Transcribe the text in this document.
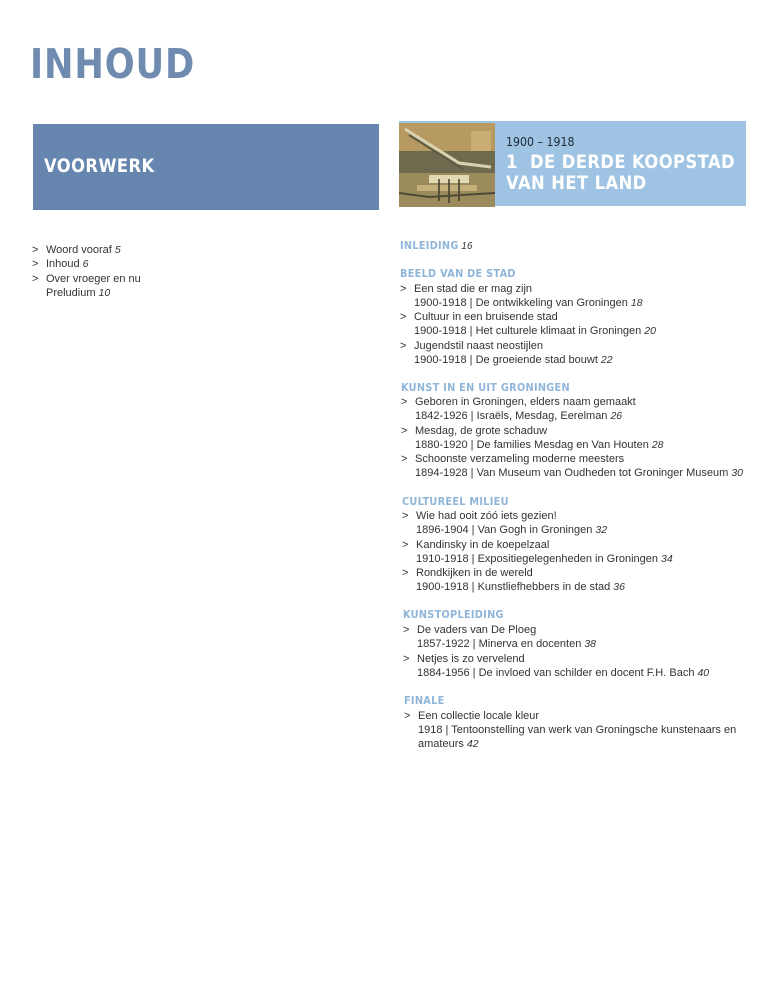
INHOUD
VOORWERK
1900 – 1918
1  DE DERDE KOOPSTAD
VAN HET LAND
> Woord vooraf 5
> Inhoud 6
> Over vroeger en nu
Preludium 10
INLEIDING 16
BEELD VAN DE STAD
> Een stad die er mag zijn
1900-1918 | De ontwikkeling van Groningen 18
> Cultuur in een bruisende stad
1900-1918 | Het culturele klimaat in Groningen 20
> Jugendstil naast neostijlen
1900-1918 | De groeiende stad bouwt 22
KUNST IN EN UIT GRONINGEN
> Geboren in Groningen, elders naam gemaakt
1842-1926 | Israëls, Mesdag, Eerelman 26
> Mesdag, de grote schaduw
1880-1920 | De families Mesdag en Van Houten 28
> Schoonste verzameling moderne meesters
1894-1928 | Van Museum van Oudheden tot Groninger Museum 30
CULTUREEL MILIEU
> Wie had ooit zóó iets gezien!
1896-1904 | Van Gogh in Groningen 32
> Kandinsky in de koepelzaal
1910-1918 | Expositiegelegenheden in Groningen 34
> Rondkijken in de wereld
1900-1918 | Kunstliefhebbers in de stad 36
KUNSTOPLEIDING
> De vaders van De Ploeg
1857-1922 | Minerva en docenten 38
> Netjes is zo vervelend
1884-1956 | De invloed van schilder en docent F.H. Bach 40
FINALE
> Een collectie locale kleur
1918 | Tentoonstelling van werk van Groningsche kunstenaars en
amateurs 42
